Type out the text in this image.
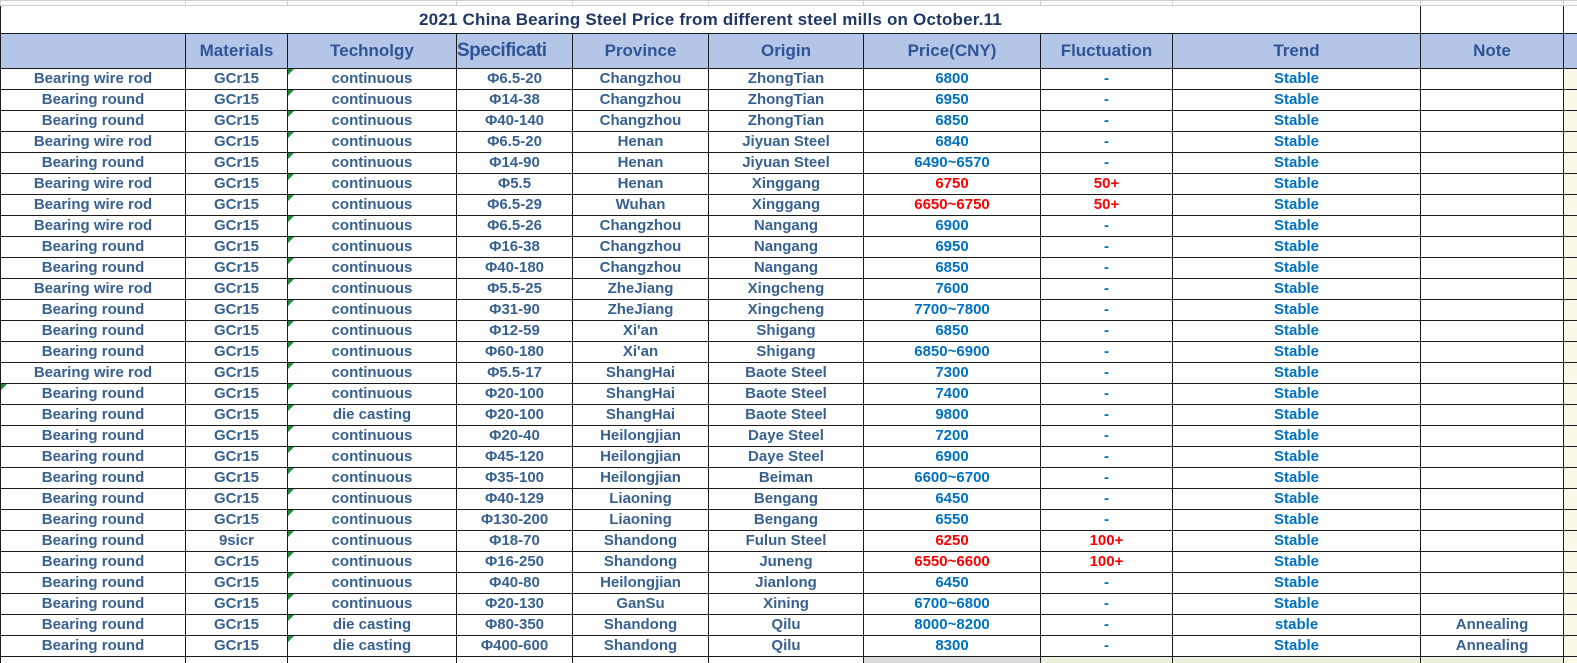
2021 China Bearing Steel Price from different steel mills on October.11										
	Materials	Technolgy	Specificati	Province	Origin	Price(CNY)	Fluctuation	Trend	Note	
Bearing wire rod	GCr15	continuous	Φ6.5-20	Changzhou	ZhongTian	6800	-	Stable		
Bearing round	GCr15	continuous	Φ14-38	Changzhou	ZhongTian	6950	-	Stable		
Bearing round	GCr15	continuous	Φ40-140	Changzhou	ZhongTian	6850	-	Stable		
Bearing wire rod	GCr15	continuous	Φ6.5-20	Henan	Jiyuan Steel	6840	-	Stable		
Bearing round	GCr15	continuous	Φ14-90	Henan	Jiyuan Steel	6490~6570	-	Stable		
Bearing wire rod	GCr15	continuous	Φ5.5	Henan	Xinggang	6750	50+	Stable		
Bearing wire rod	GCr15	continuous	Φ6.5-29	Wuhan	Xinggang	6650~6750	50+	Stable		
Bearing wire rod	GCr15	continuous	Φ6.5-26	Changzhou	Nangang	6900	-	Stable		
Bearing round	GCr15	continuous	Φ16-38	Changzhou	Nangang	6950	-	Stable		
Bearing round	GCr15	continuous	Φ40-180	Changzhou	Nangang	6850	-	Stable		
Bearing wire rod	GCr15	continuous	Φ5.5-25	ZheJiang	Xingcheng	7600	-	Stable		
Bearing round	GCr15	continuous	Φ31-90	ZheJiang	Xingcheng	7700~7800	-	Stable		
Bearing round	GCr15	continuous	Φ12-59	Xi'an	Shigang	6850	-	Stable		
Bearing round	GCr15	continuous	Φ60-180	Xi'an	Shigang	6850~6900	-	Stable		
Bearing wire rod	GCr15	continuous	Φ5.5-17	ShangHai	Baote Steel	7300	-	Stable		
Bearing round	GCr15	continuous	Φ20-100	ShangHai	Baote Steel	7400	-	Stable		
Bearing round	GCr15	die casting	Φ20-100	ShangHai	Baote Steel	9800	-	Stable		
Bearing round	GCr15	continuous	Φ20-40	Heilongjian	Daye Steel	7200	-	Stable		
Bearing round	GCr15	continuous	Φ45-120	Heilongjian	Daye Steel	6900	-	Stable		
Bearing round	GCr15	continuous	Φ35-100	Heilongjian	Beiman	6600~6700	-	Stable		
Bearing round	GCr15	continuous	Φ40-129	Liaoning	Bengang	6450	-	Stable		
Bearing round	GCr15	continuous	Φ130-200	Liaoning	Bengang	6550	-	Stable		
Bearing round	9sicr	continuous	Φ18-70	Shandong	Fulun Steel	6250	100+	Stable		
Bearing round	GCr15	continuous	Φ16-250	Shandong	Juneng	6550~6600	100+	Stable		
Bearing round	GCr15	continuous	Φ40-80	Heilongjian	Jianlong	6450	-	Stable		
Bearing round	GCr15	continuous	Φ20-130	GanSu	Xining	6700~6800	-	Stable		
Bearing round	GCr15	die casting	Φ80-350	Shandong	Qilu	8000~8200	-	stable	Annealing	
Bearing round	GCr15	die casting	Φ400-600	Shandong	Qilu	8300	-	Stable	Annealing	
